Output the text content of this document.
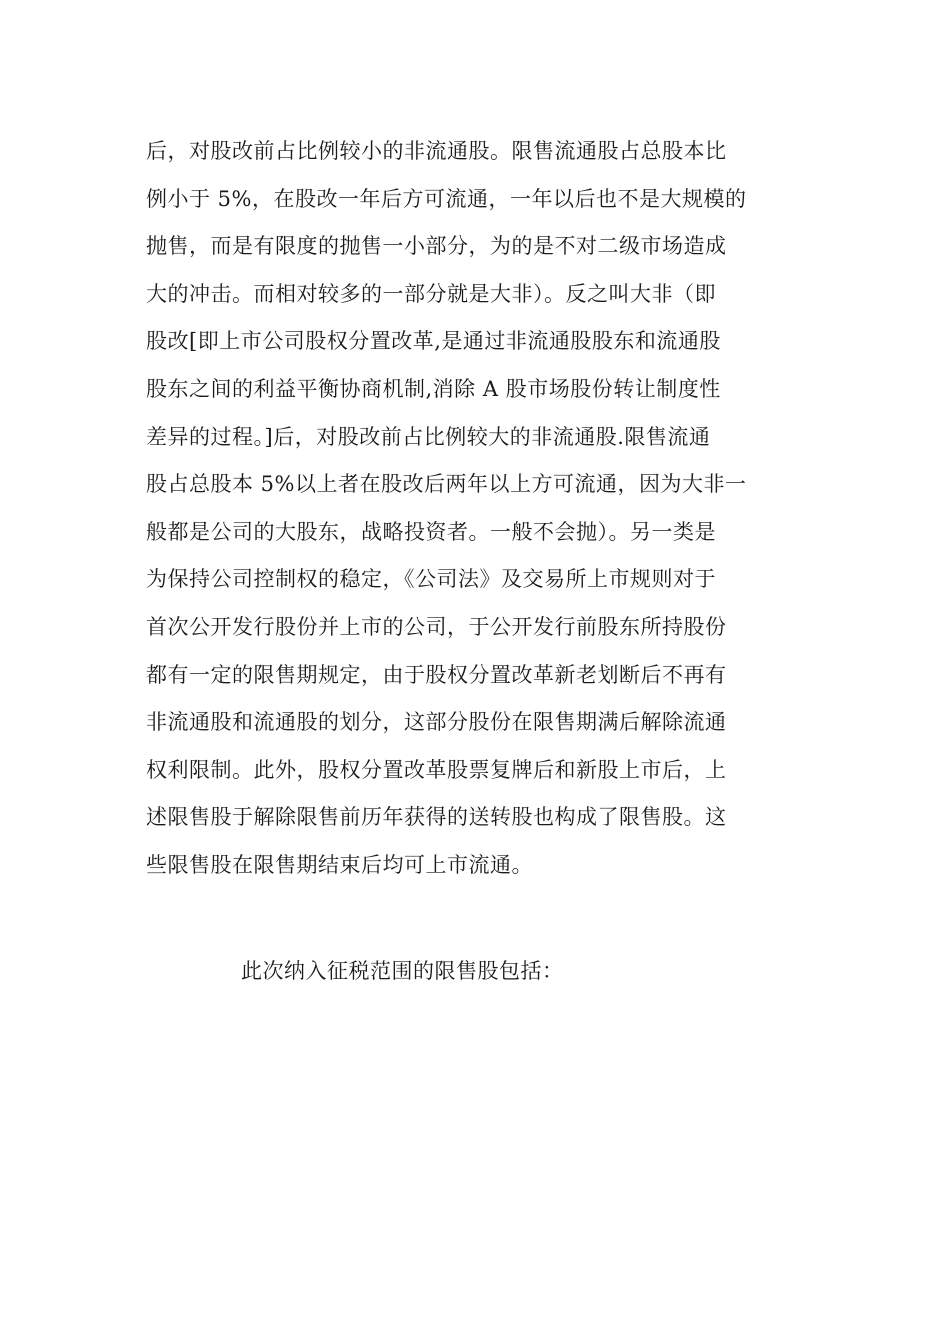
后，对股改前占比例较小的非流通股。限售流通股占总股本比
例小于 5%，在股改一年后方可流通，一年以后也不是大规模的
抛售，而是有限度的抛售一小部分，为的是不对二级市场造成
大的冲击。而相对较多的一部分就是大非）。反之叫大非（即
股改[即上市公司股权分置改革,是通过非流通股股东和流通股
股东之间的利益平衡协商机制,消除 A 股市场股份转让制度性
差异的过程。]后，对股改前占比例较大的非流通股.限售流通
股占总股本 5%以上者在股改后两年以上方可流通，因为大非一
般都是公司的大股东，战略投资者。一般不会抛）。另一类是
为保持公司控制权的稳定，《公司法》及交易所上市规则对于
首次公开发行股份并上市的公司，于公开发行前股东所持股份
都有一定的限售期规定，由于股权分置改革新老划断后不再有
非流通股和流通股的划分，这部分股份在限售期满后解除流通
权利限制。此外，股权分置改革股票复牌后和新股上市后，上
述限售股于解除限售前历年获得的送转股也构成了限售股。这
些限售股在限售期结束后均可上市流通。
此次纳入征税范围的限售股包括：
